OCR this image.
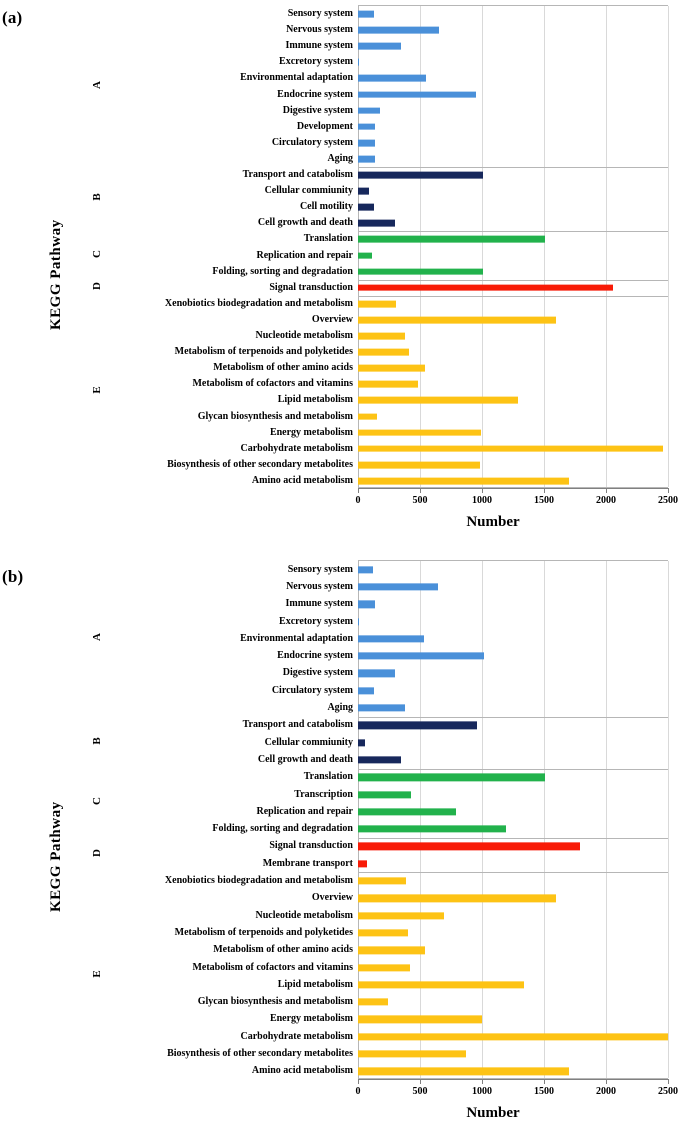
(a)
KEGG Pathway
A
B
C
D
E
Sensory system
Nervous system
Immune system
Excretory system
Environmental adaptation
Endocrine system
Digestive system
Development
Circulatory system
Aging
Transport and catabolism
Cellular commiunity
Cell motility
Cell growth and death
Translation
Replication and repair
Folding, sorting and degradation
Signal transduction
Xenobiotics biodegradation and metabolism
Overview
Nucleotide metabolism
Metabolism of terpenoids and polyketides
Metabolism of other amino acids
Metabolism of cofactors and vitamins
Lipid metabolism
Glycan biosynthesis and metabolism
Energy metabolism
Carbohydrate metabolism
Biosynthesis of other secondary metabolites
Amino acid metabolism
0	500	1000	1500	2000	2500
Number
(b)
KEGG Pathway
A
B
C
D
E
Sensory system
Nervous system
Immune system
Excretory system
Environmental adaptation
Endocrine system
Digestive system
Circulatory system
Aging
Transport and catabolism
Cellular commiunity
Cell growth and death
Translation
Transcription
Replication and repair
Folding, sorting and degradation
Signal transduction
Membrane transport
Xenobiotics biodegradation and metabolism
Overview
Nucleotide metabolism
Metabolism of terpenoids and polyketides
Metabolism of other amino acids
Metabolism of cofactors and vitamins
Lipid metabolism
Glycan biosynthesis and metabolism
Energy metabolism
Carbohydrate metabolism
Biosynthesis of other secondary metabolites
Amino acid metabolism
0	500	1000	1500	2000	2500
Number
